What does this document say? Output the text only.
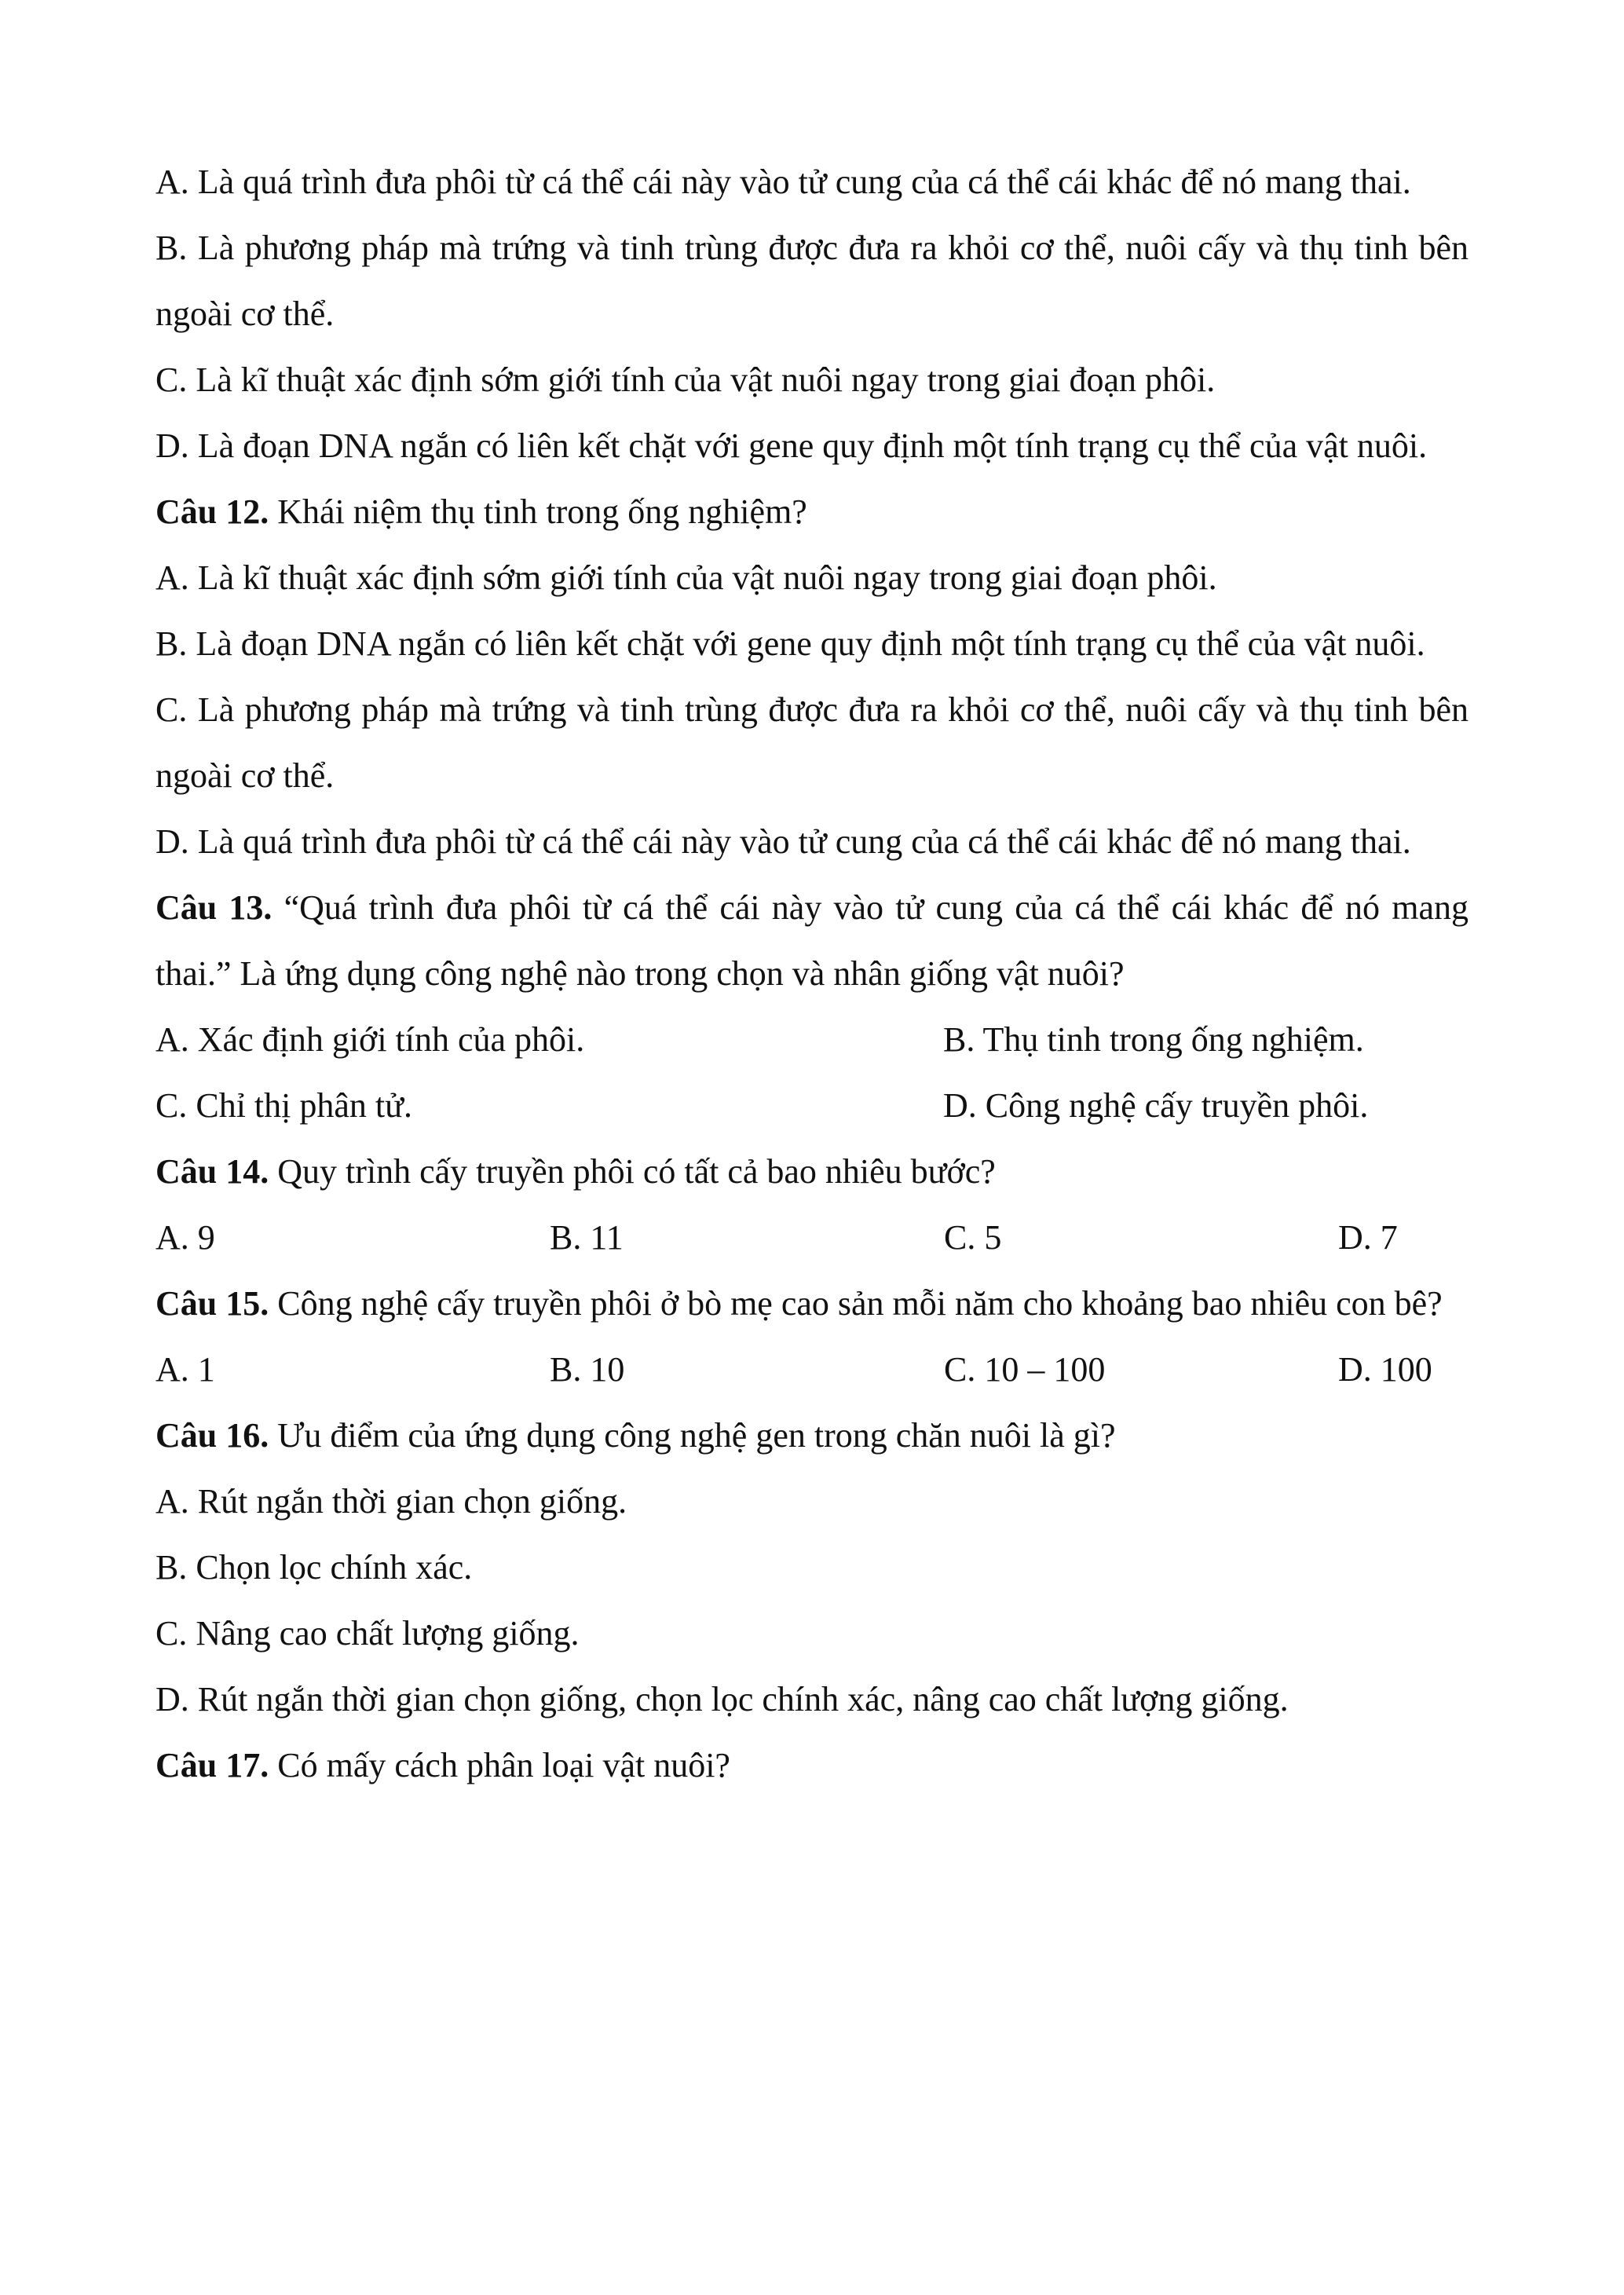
A. Là quá trình đưa phôi từ cá thể cái này vào tử cung của cá thể cái khác để nó mang thai.

B. Là phương pháp mà trứng và tinh trùng được đưa ra khỏi cơ thể, nuôi cấy và thụ tinh bên ngoài cơ thể.

C. Là kĩ thuật xác định sớm giới tính của vật nuôi ngay trong giai đoạn phôi.

D. Là đoạn DNA ngắn có liên kết chặt với gene quy định một tính trạng cụ thể của vật nuôi.

Câu 12. Khái niệm thụ tinh trong ống nghiệm?

A. Là kĩ thuật xác định sớm giới tính của vật nuôi ngay trong giai đoạn phôi.

B. Là đoạn DNA ngắn có liên kết chặt với gene quy định một tính trạng cụ thể của vật nuôi.

C. Là phương pháp mà trứng và tinh trùng được đưa ra khỏi cơ thể, nuôi cấy và thụ tinh bên ngoài cơ thể.

D. Là quá trình đưa phôi từ cá thể cái này vào tử cung của cá thể cái khác để nó mang thai.

Câu 13. “Quá trình đưa phôi từ cá thể cái này vào tử cung của cá thể cái khác để nó mang thai.” Là ứng dụng công nghệ nào trong chọn và nhân giống vật nuôi?

A. Xác định giới tính của phôi.	B. Thụ tinh trong ống nghiệm.
C. Chỉ thị phân tử.	D. Công nghệ cấy truyền phôi.

Câu 14. Quy trình cấy truyền phôi có tất cả bao nhiêu bước?

A. 9	B. 11	C. 5	D. 7

Câu 15. Công nghệ cấy truyền phôi ở bò mẹ cao sản mỗi năm cho khoảng bao nhiêu con bê?

A. 1	B. 10	C. 10 – 100	D. 100

Câu 16. Ưu điểm của ứng dụng công nghệ gen trong chăn nuôi là gì?

A. Rút ngắn thời gian chọn giống.

B. Chọn lọc chính xác.

C. Nâng cao chất lượng giống.

D. Rút ngắn thời gian chọn giống, chọn lọc chính xác, nâng cao chất lượng giống.

Câu 17. Có mấy cách phân loại vật nuôi?
